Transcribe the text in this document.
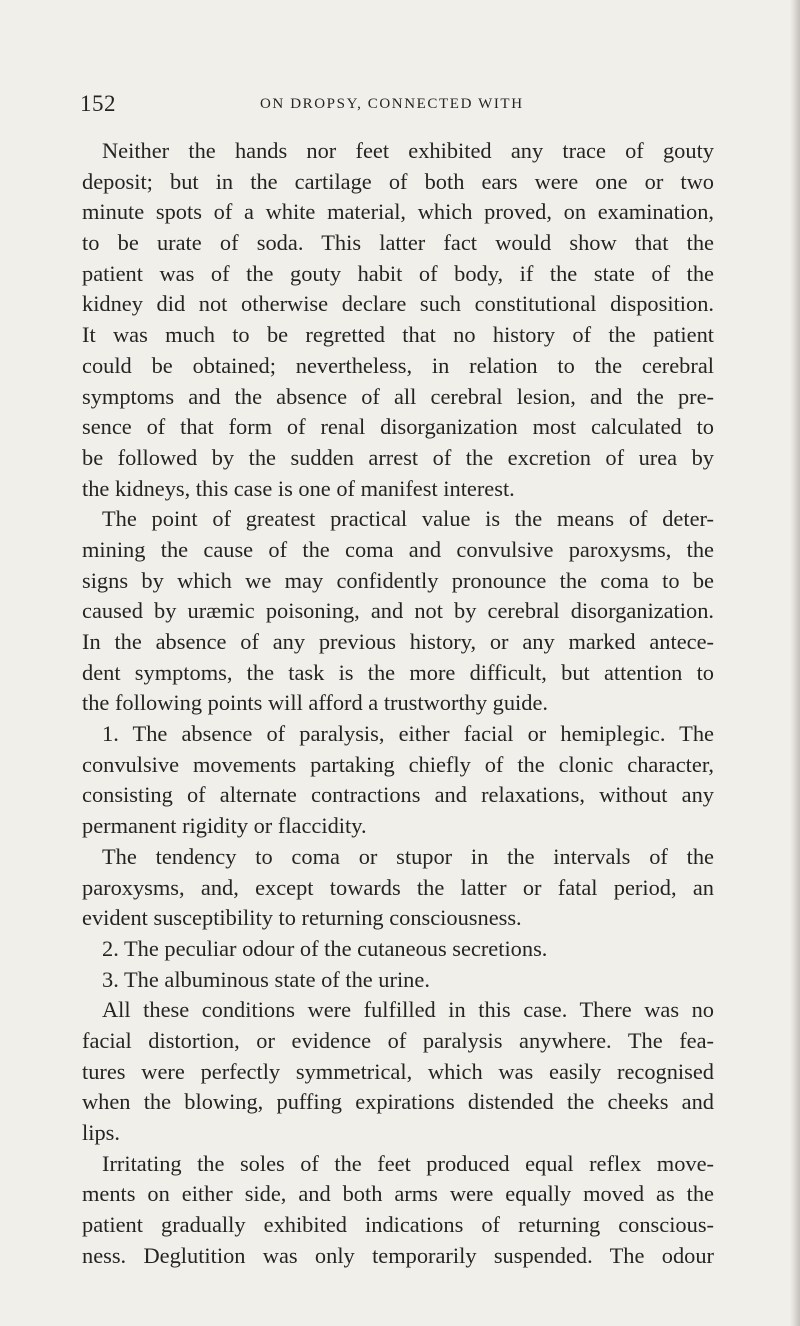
152	ON DROPSY, CONNECTED WITH
Neither the hands nor feet exhibited any trace of gouty
deposit; but in the cartilage of both ears were one or two
minute spots of a white material, which proved, on examination,
to be urate of soda. This latter fact would show that the
patient was of the gouty habit of body, if the state of the
kidney did not otherwise declare such constitutional disposition.
It was much to be regretted that no history of the patient
could be obtained; nevertheless, in relation to the cerebral
symptoms and the absence of all cerebral lesion, and the pre-
sence of that form of renal disorganization most calculated to
be followed by the sudden arrest of the excretion of urea by
the kidneys, this case is one of manifest interest.
The point of greatest practical value is the means of deter-
mining the cause of the coma and convulsive paroxysms, the
signs by which we may confidently pronounce the coma to be
caused by uræmic poisoning, and not by cerebral disorganization.
In the absence of any previous history, or any marked antece-
dent symptoms, the task is the more difficult, but attention to
the following points will afford a trustworthy guide.
1. The absence of paralysis, either facial or hemiplegic. The
convulsive movements partaking chiefly of the clonic character,
consisting of alternate contractions and relaxations, without any
permanent rigidity or flaccidity.
The tendency to coma or stupor in the intervals of the
paroxysms, and, except towards the latter or fatal period, an
evident susceptibility to returning consciousness.
2. The peculiar odour of the cutaneous secretions.
3. The albuminous state of the urine.
All these conditions were fulfilled in this case. There was no
facial distortion, or evidence of paralysis anywhere. The fea-
tures were perfectly symmetrical, which was easily recognised
when the blowing, puffing expirations distended the cheeks and
lips.
Irritating the soles of the feet produced equal reflex move-
ments on either side, and both arms were equally moved as the
patient gradually exhibited indications of returning conscious-
ness. Deglutition was only temporarily suspended. The odour
